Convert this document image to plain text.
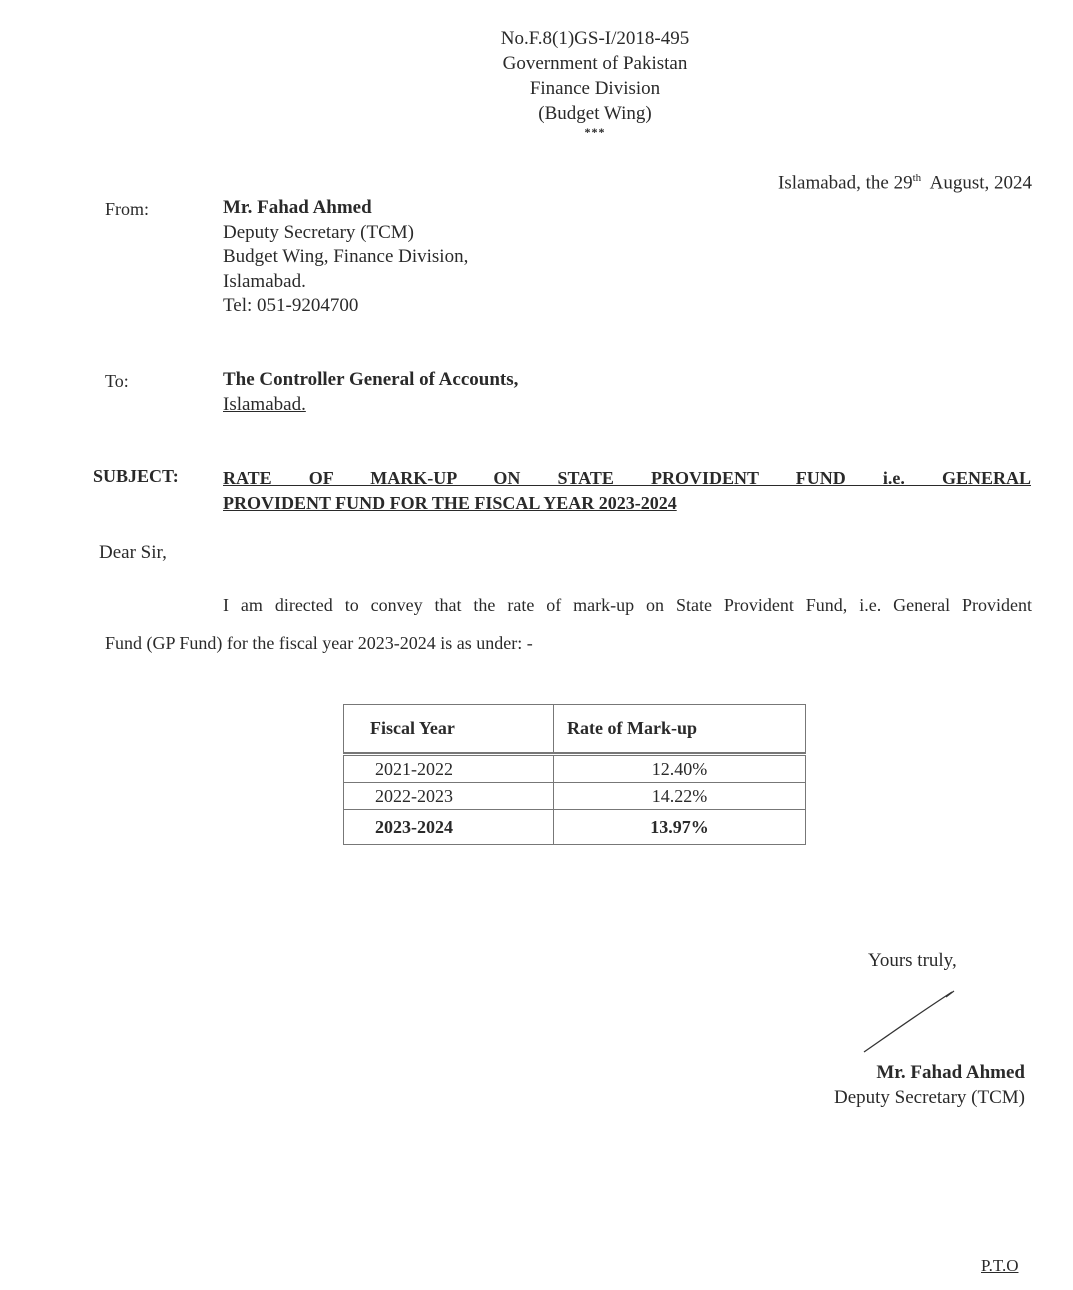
No.F.8(1)GS-I/2018-495
Government of Pakistan
Finance Division
(Budget Wing)
***
Islamabad, the 29th August, 2024
From:	Mr. Fahad Ahmed
Deputy Secretary (TCM)
Budget Wing, Finance Division,
Islamabad.
Tel: 051-9204700
To:	The Controller General of Accounts,
Islamabad.
SUBJECT: RATE OF MARK-UP ON STATE PROVIDENT FUND i.e. GENERAL
PROVIDENT FUND FOR THE FISCAL YEAR 2023-2024
Dear Sir,
I am directed to convey that the rate of mark-up on State Provident Fund, i.e. General Provident
Fund (GP Fund) for the fiscal year 2023-2024 is as under: -
Fiscal Year	Rate of Mark-up

2021-2022	12.40%
2022-2023	14.22%
2023-2024	13.97%
Yours truly,
Mr. Fahad Ahmed
Deputy Secretary (TCM)
P.T.O
